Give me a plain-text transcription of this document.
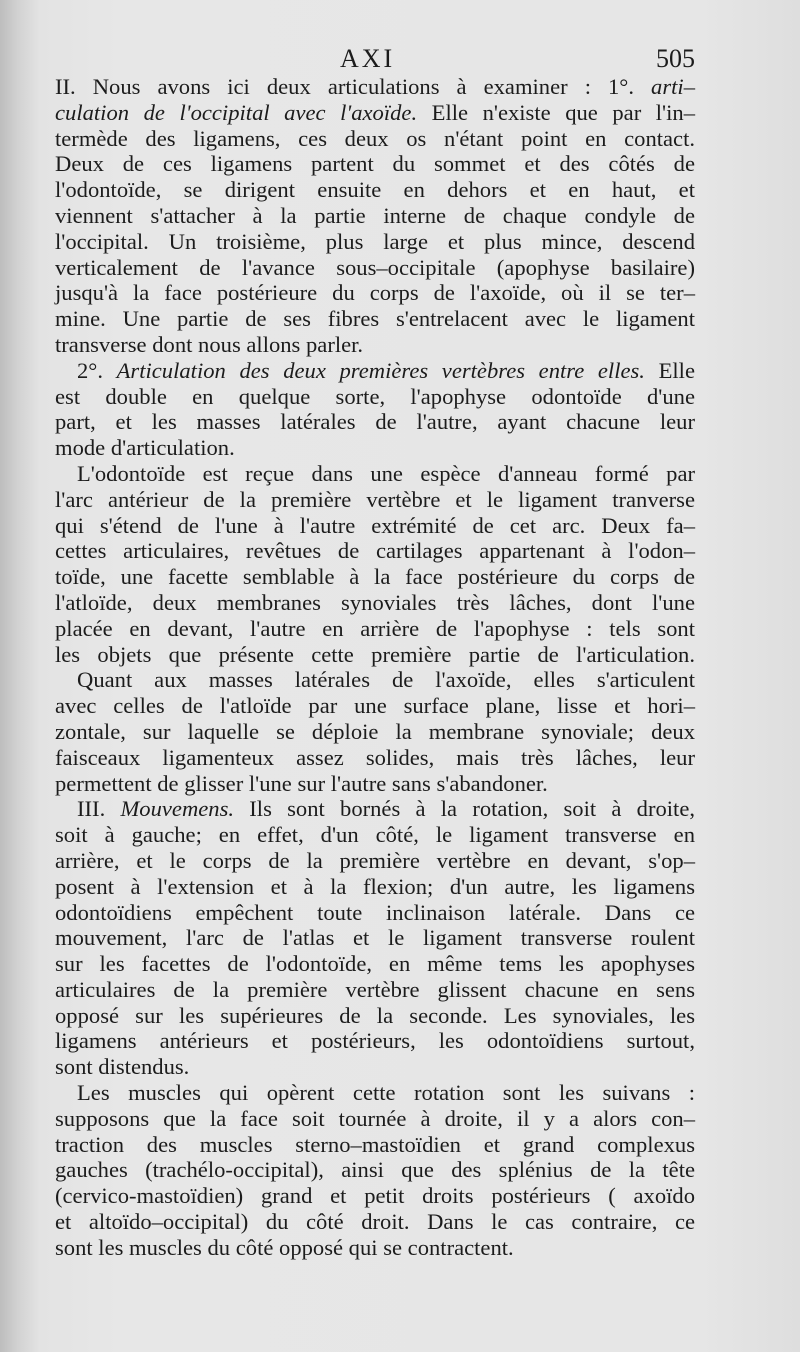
AXI	505
II. Nous avons ici deux articulations à examiner : 1°. arti–
culation de l'occipital avec l'axoïde. Elle n'existe que par l'in–
termède des ligamens, ces deux os n'étant point en contact.
Deux de ces ligamens partent du sommet et des côtés de
l'odontoïde, se dirigent ensuite en dehors et en haut, et
viennent s'attacher à la partie interne de chaque condyle de
l'occipital. Un troisième, plus large et plus mince, descend
verticalement de l'avance sous–occipitale (apophyse basilaire)
jusqu'à la face postérieure du corps de l'axoïde, où il se ter–
mine. Une partie de ses fibres s'entrelacent avec le ligament
transverse dont nous allons parler.
2°. Articulation des deux premières vertèbres entre elles. Elle
est double en quelque sorte, l'apophyse odontoïde d'une
part, et les masses latérales de l'autre, ayant chacune leur
mode d'articulation.
L'odontoïde est reçue dans une espèce d'anneau formé par
l'arc antérieur de la première vertèbre et le ligament tranverse
qui s'étend de l'une à l'autre extrémité de cet arc. Deux fa–
cettes articulaires, revêtues de cartilages appartenant à l'odon–
toïde, une facette semblable à la face postérieure du corps de
l'atloïde, deux membranes synoviales très lâches, dont l'une
placée en devant, l'autre en arrière de l'apophyse : tels sont
les objets que présente cette première partie de l'articulation.
Quant aux masses latérales de l'axoïde, elles s'articulent
avec celles de l'atloïde par une surface plane, lisse et hori–
zontale, sur laquelle se déploie la membrane synoviale; deux
faisceaux ligamenteux assez solides, mais très lâches, leur
permettent de glisser l'une sur l'autre sans s'abandoner.
III. Mouvemens. Ils sont bornés à la rotation, soit à droite,
soit à gauche; en effet, d'un côté, le ligament transverse en
arrière, et le corps de la première vertèbre en devant, s'op–
posent à l'extension et à la flexion; d'un autre, les ligamens
odontoïdiens empêchent toute inclinaison latérale. Dans ce
mouvement, l'arc de l'atlas et le ligament transverse roulent
sur les facettes de l'odontoïde, en même tems les apophyses
articulaires de la première vertèbre glissent chacune en sens
opposé sur les supérieures de la seconde. Les synoviales, les
ligamens antérieurs et postérieurs, les odontoïdiens surtout,
sont distendus.
Les muscles qui opèrent cette rotation sont les suivans :
supposons que la face soit tournée à droite, il y a alors con–
traction des muscles sterno–mastoïdien et grand complexus
gauches (trachélo-occipital), ainsi que des splénius de la tête
(cervico-mastoïdien) grand et petit droits postérieurs ( axoïdo
et altoïdo–occipital) du côté droit. Dans le cas contraire, ce
sont les muscles du côté opposé qui se contractent.
